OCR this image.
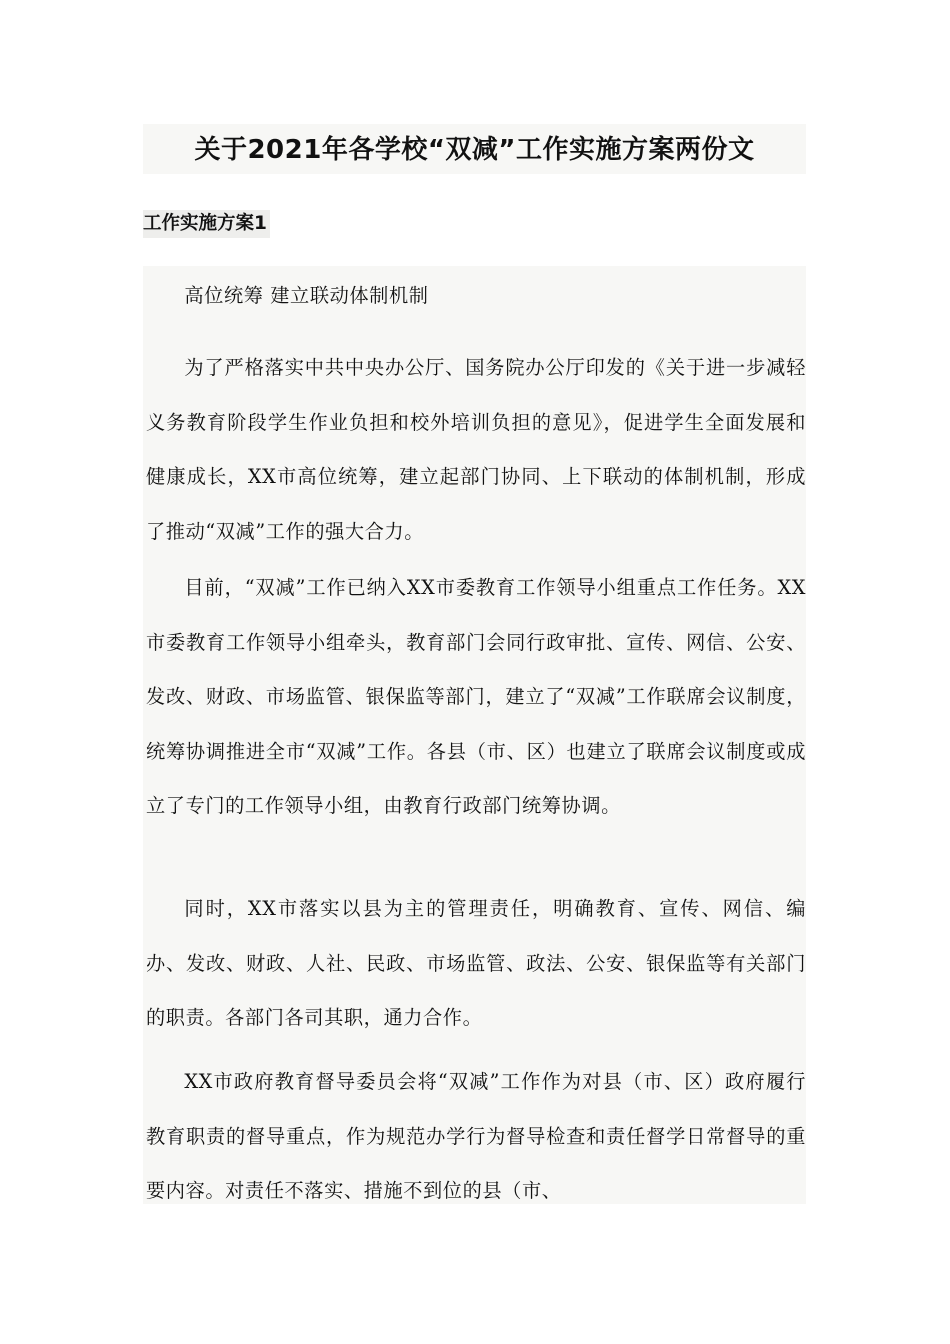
关于2021年各学校“双减”工作实施方案两份文
工作实施方案1

高位统筹 建立联动体制机制

为了严格落实中共中央办公厅、国务院办公厅印发的《关于进一步减轻义务教育阶段学生作业负担和校外培训负担的意见》，促进学生全面发展和健康成长，XX市高位统筹，建立起部门协同、上下联动的体制机制，形成了推动“双减”工作的强大合力。

目前，“双减”工作已纳入XX市委教育工作领导小组重点工作任务。XX市委教育工作领导小组牵头，教育部门会同行政审批、宣传、网信、公安、发改、财政、市场监管、银保监等部门，建立了“双减”工作联席会议制度，统筹协调推进全市“双减”工作。各县（市、区）也建立了联席会议制度或成立了专门的工作领导小组，由教育行政部门统筹协调。

同时，XX市落实以县为主的管理责任，明确教育、宣传、网信、编办、发改、财政、人社、民政、市场监管、政法、公安、银保监等有关部门的职责。各部门各司其职，通力合作。

XX市政府教育督导委员会将“双减”工作作为对县（市、区）政府履行教育职责的督导重点，作为规范办学行为督导检查和责任督学日常督导的重要内容。对责任不落实、措施不到位的县（市、
